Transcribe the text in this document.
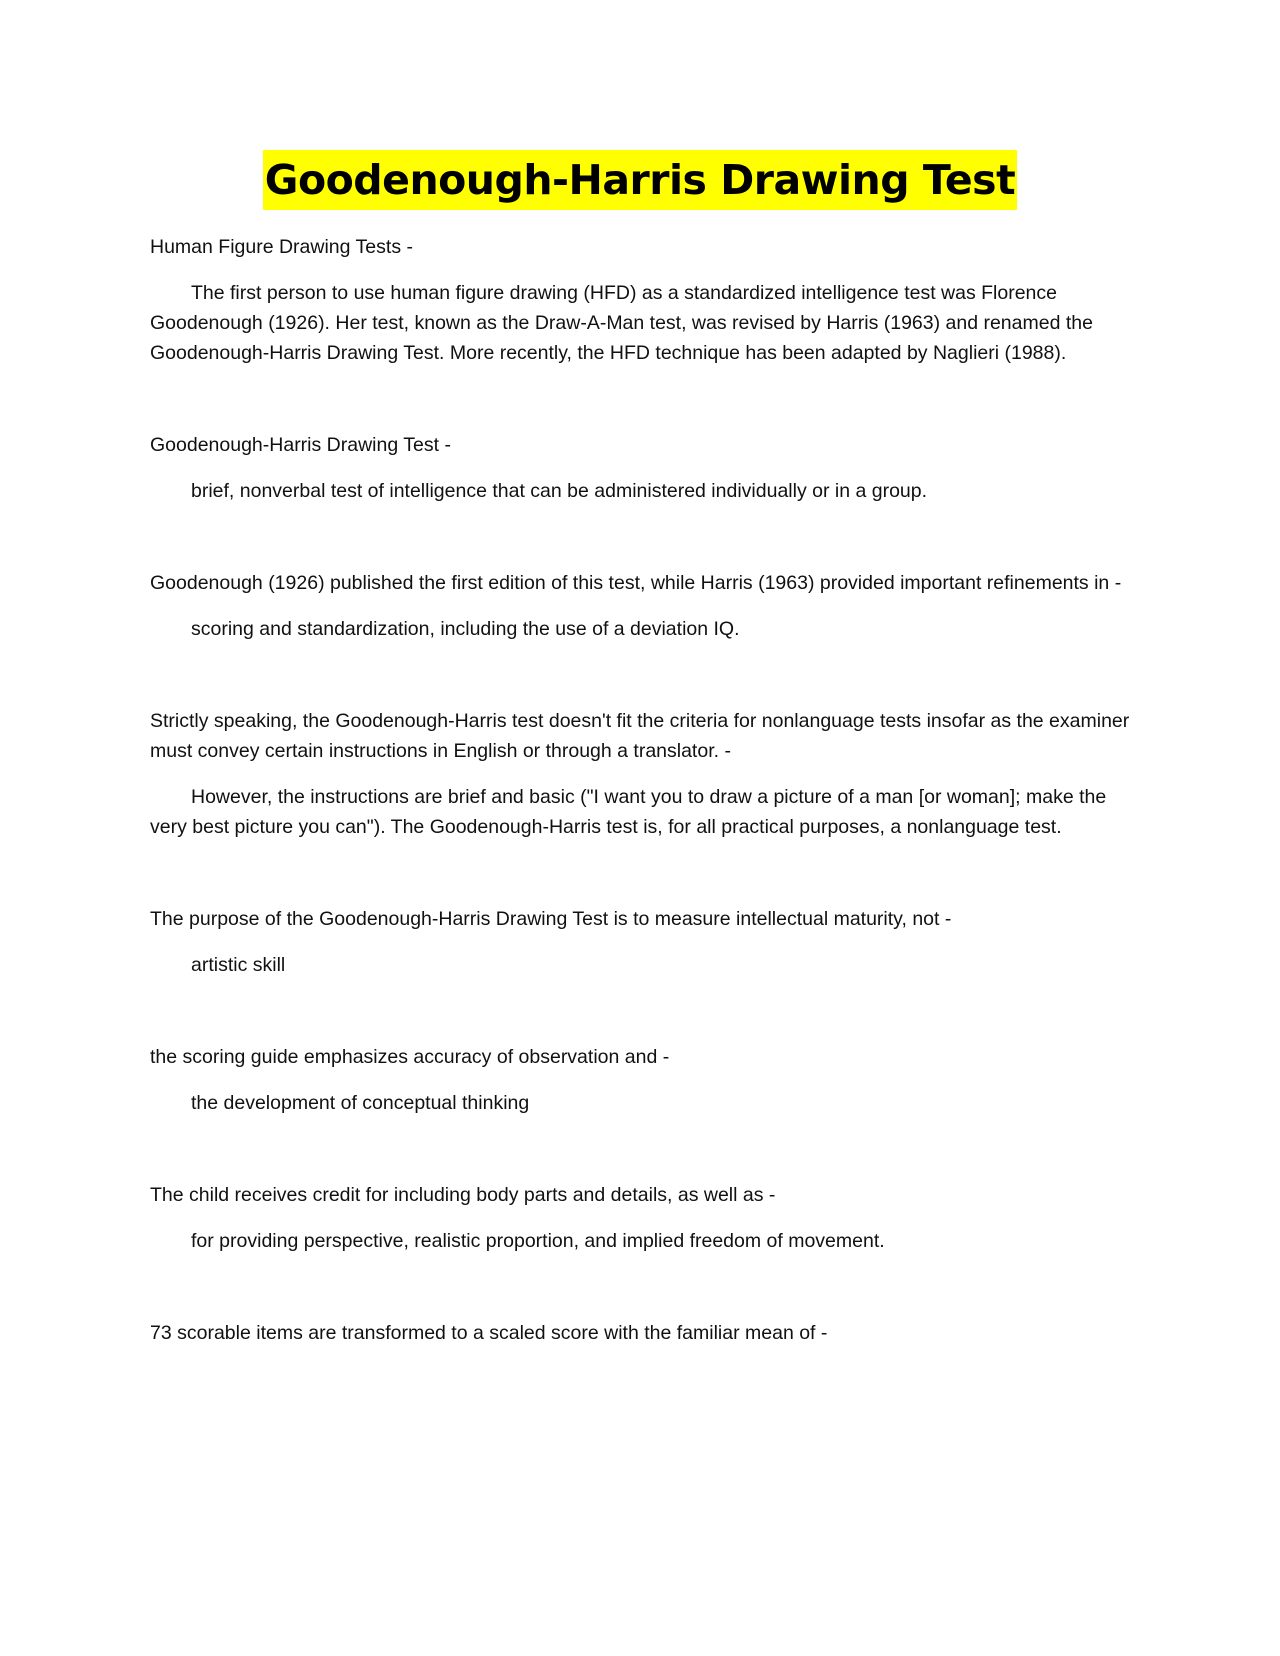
Goodenough-Harris Drawing Test

Human Figure Drawing Tests -

The first person to use human figure drawing (HFD) as a standardized intelligence test was Florence Goodenough (1926). Her test, known as the Draw-A-Man test, was revised by Harris (1963) and renamed the Goodenough-Harris Drawing Test. More recently, the HFD technique has been adapted by Naglieri (1988).

Goodenough-Harris Drawing Test -

brief, nonverbal test of intelligence that can be administered individually or in a group.

Goodenough (1926) published the first edition of this test, while Harris (1963) provided important refinements in -

scoring and standardization, including the use of a deviation IQ.

Strictly speaking, the Goodenough-Harris test doesn't fit the criteria for nonlanguage tests insofar as the examiner must convey certain instructions in English or through a translator. -

However, the instructions are brief and basic ("I want you to draw a picture of a man [or woman]; make the very best picture you can"). The Goodenough-Harris test is, for all practical purposes, a nonlanguage test.

The purpose of the Goodenough-Harris Drawing Test is to measure intellectual maturity, not -

artistic skill

the scoring guide emphasizes accuracy of observation and -

the development of conceptual thinking

The child receives credit for including body parts and details, as well as -

for providing perspective, realistic proportion, and implied freedom of movement.

73 scorable items are transformed to a scaled score with the familiar mean of -
